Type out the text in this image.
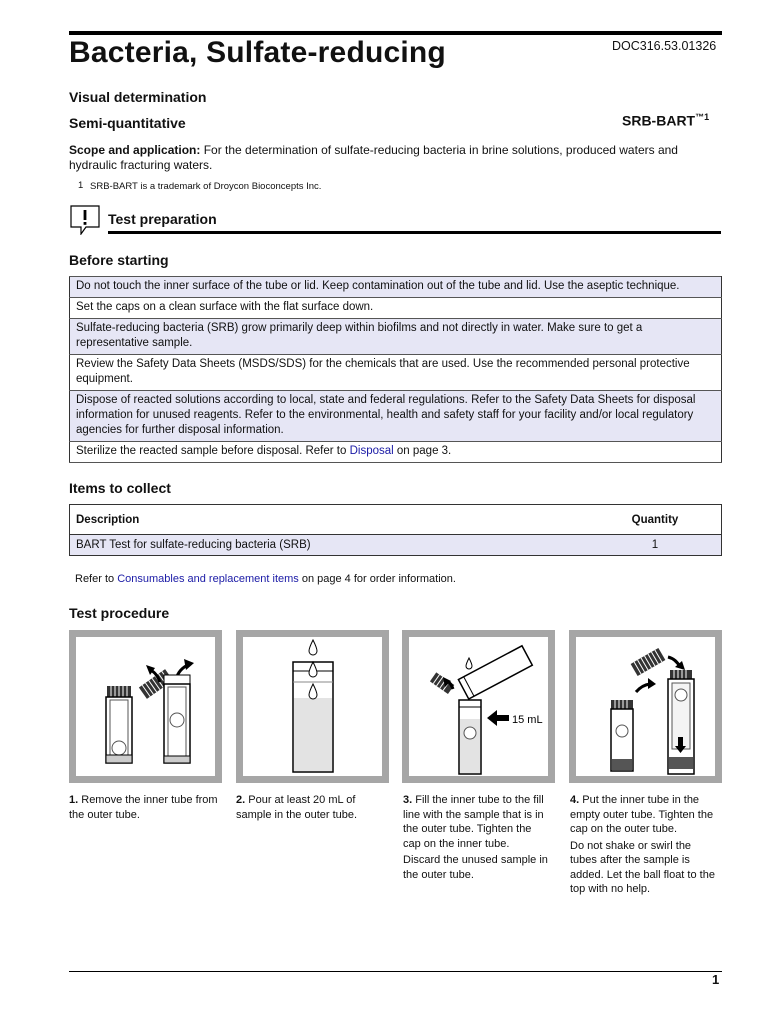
Bacteria, Sulfate-reducing	DOC316.53.01326
Visual determination
Semi-quantitative	SRB-$BART^{™1}$
Scope and application: For the determination of sulfate-reducing bacteria in brine solutions, produced waters and hydraulic fracturing waters.
1 SRB-BART is a trademark of Droycon Bioconcepts Inc.
Test preparation
Before starting
Do not touch the inner surface of the tube or lid. Keep contamination out of the tube and lid. Use the aseptic technique.
Set the caps on a clean surface with the flat surface down.
Sulfate-reducing bacteria (SRB) grow primarily deep within biofilms and not directly in water. Make sure to get a representative sample.
Review the Safety Data Sheets (MSDS/SDS) for the chemicals that are used. Use the recommended personal protective equipment.
Dispose of reacted solutions according to local, state and federal regulations. Refer to the Safety Data Sheets for disposal information for unused reagents. Refer to the environmental, health and safety staff for your facility and/or local regulatory agencies for further disposal information.
Sterilize the reacted sample before disposal. Refer to Disposal on page 3.
Items to collect
Description	Quantity
BART Test for sulfate-reducing bacteria (SRB)	1
Refer to Consumables and replacement items on page 4 for order information.
Test procedure
15 mL

1. Remove the inner tube from the outer tube.

2. Pour at least 20 mL of sample in the outer tube.

3. Fill the inner tube to the fill line with the sample that is in the outer tube. Tighten the cap on the inner tube.

Discard the unused sample in the outer tube.

4. Put the inner tube in the empty outer tube. Tighten the cap on the outer tube.

Do not shake or swirl the tubes after the sample is added. Let the ball float to the top with no help.

1
